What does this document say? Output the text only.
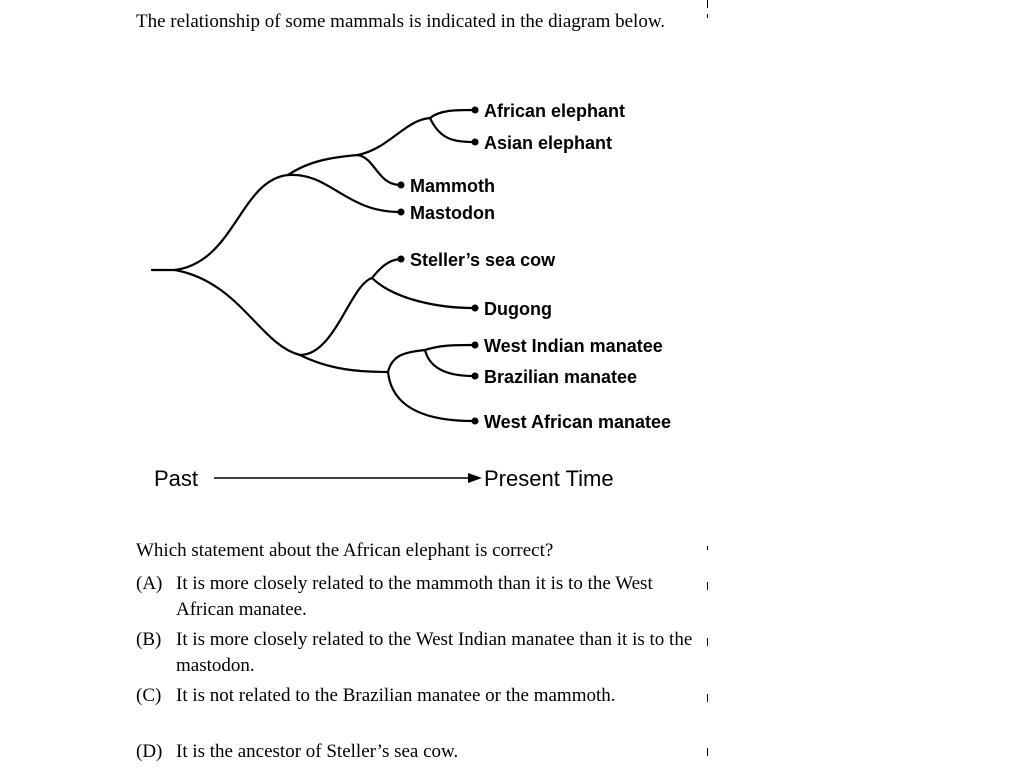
The relationship of some mammals is indicated in the diagram below.

African elephant
Asian elephant
Mammoth
Mastodon
Steller’s sea cow
Dugong
West Indian manatee
Brazilian manatee
West African manatee
Past	Present Time

Which statement about the African elephant is correct?

(A) It is more closely related to the mammoth than it is to the West African manatee.
(B) It is more closely related to the West Indian manatee than it is to the mastodon.
(C) It is not related to the Brazilian manatee or the mammoth.
(D) It is the ancestor of Steller’s sea cow.
